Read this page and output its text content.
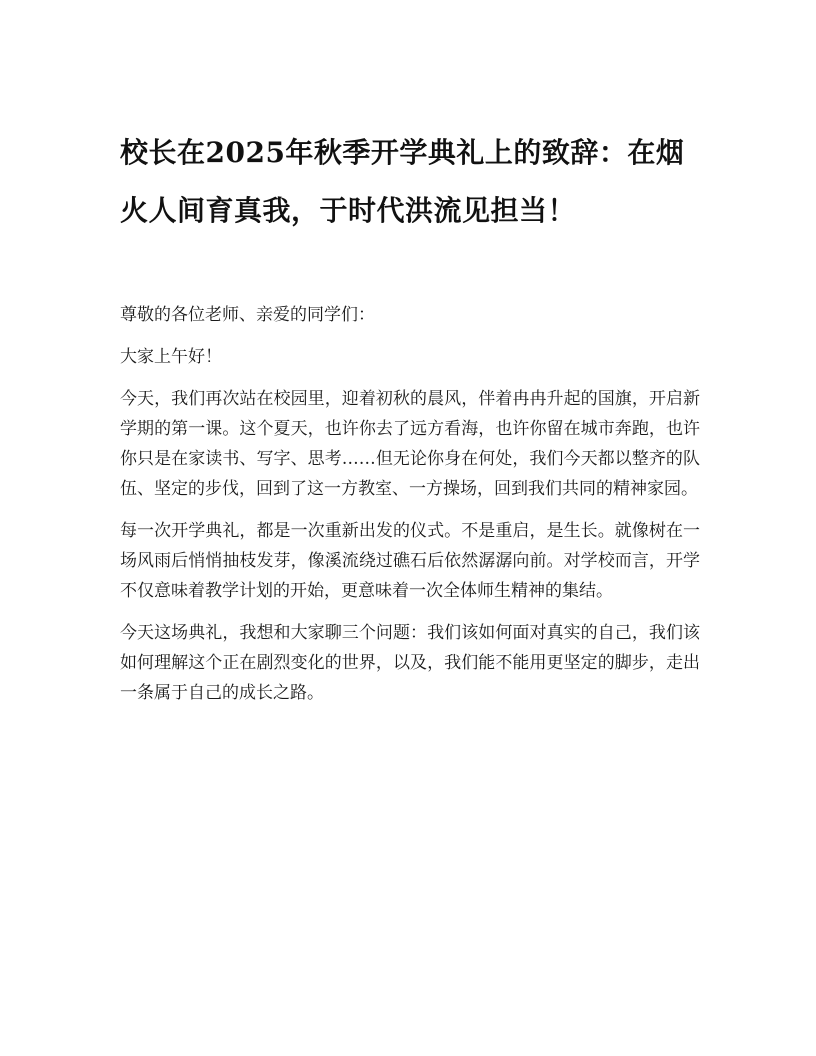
校长在2025年秋季开学典礼上的致辞：在烟火人间育真我，于时代洪流见担当！

尊敬的各位老师、亲爱的同学们：

大家上午好！

今天，我们再次站在校园里，迎着初秋的晨风，伴着冉冉升起的国旗，开启新学期的第一课。这个夏天，也许你去了远方看海，也许你留在城市奔跑，也许你只是在家读书、写字、思考……但无论你身在何处，我们今天都以整齐的队伍、坚定的步伐，回到了这一方教室、一方操场，回到我们共同的精神家园。

每一次开学典礼，都是一次重新出发的仪式。不是重启，是生长。就像树在一场风雨后悄悄抽枝发芽，像溪流绕过礁石后依然潺潺向前。对学校而言，开学不仅意味着教学计划的开始，更意味着一次全体师生精神的集结。

今天这场典礼，我想和大家聊三个问题：我们该如何面对真实的自己，我们该如何理解这个正在剧烈变化的世界，以及，我们能不能用更坚定的脚步，走出一条属于自己的成长之路。
